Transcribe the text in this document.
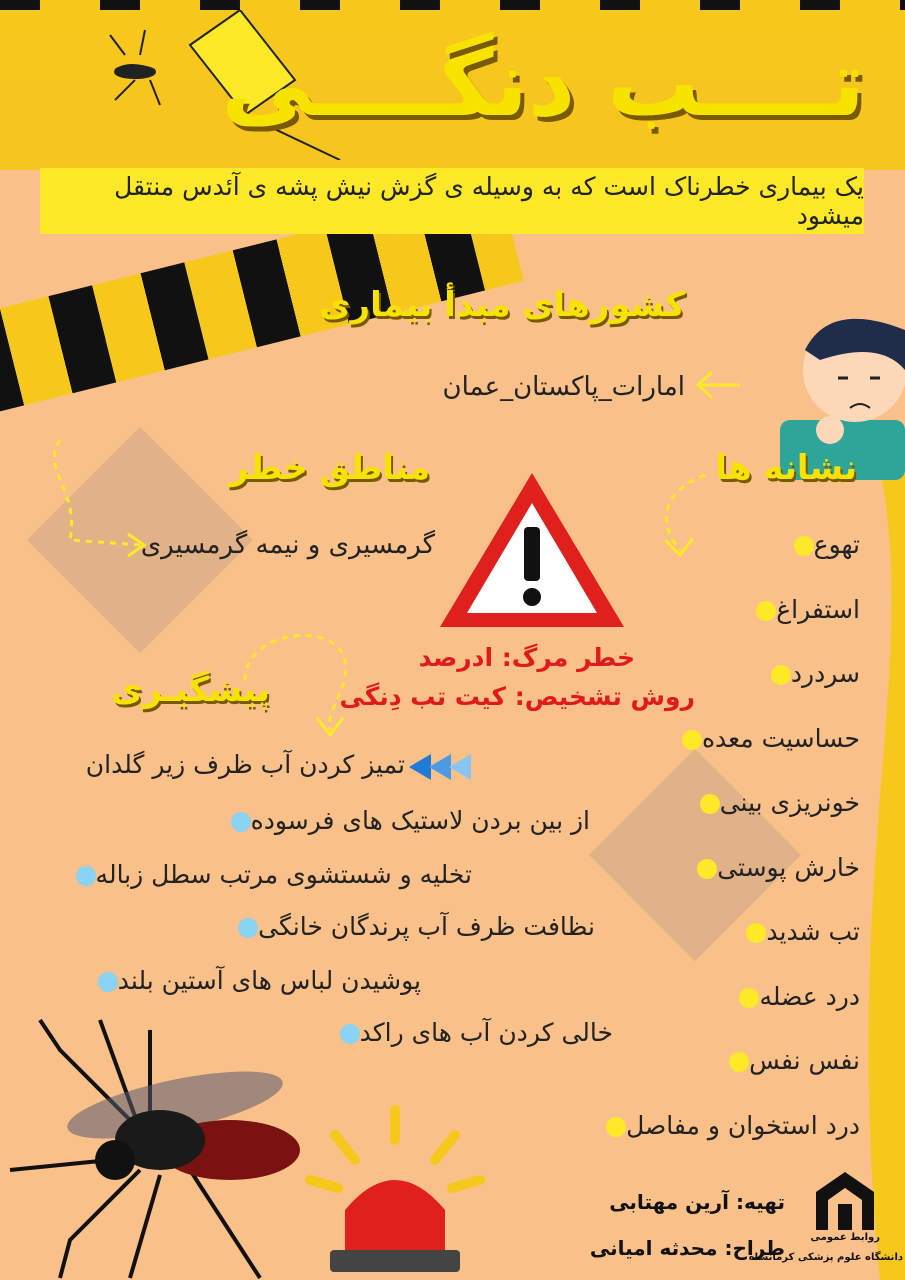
تــــب دنگــــی
یک بیماری خطرناک است که به وسیله ی گزش نیش پشه ی آئدس منتقل میشود
کشورهای مبدأ بیماری
امارات_پاکستان_عمان
مناطق خطر
گرمسیری و نیمه گرمسیری
خطر مرگ: ادرصد
روش تشخیص: کیت تب دِنگی
نشانه ها
تهوع
استفراغ
سردرد
حساسیت معده
خونریزی بینی
خارش پوستی
تب شدید
درد عضله
نفس نفس
درد استخوان و مفاصل
پیشگیـری
تمیز کردن آب ظرف زیر گلدان
از بین بردن لاستیک های فرسوده
تخلیه و شستشوی مرتب سطل زباله
نظافت ظرف آب پرندگان خانگی
پوشیدن لباس های آستین بلند
خالی کردن آب های راکد
تهیه: آرین مهتابی
طراح: محدثه امیانی	روابط عمومی
دانشگاه علوم پزشکی کرمانشاه
